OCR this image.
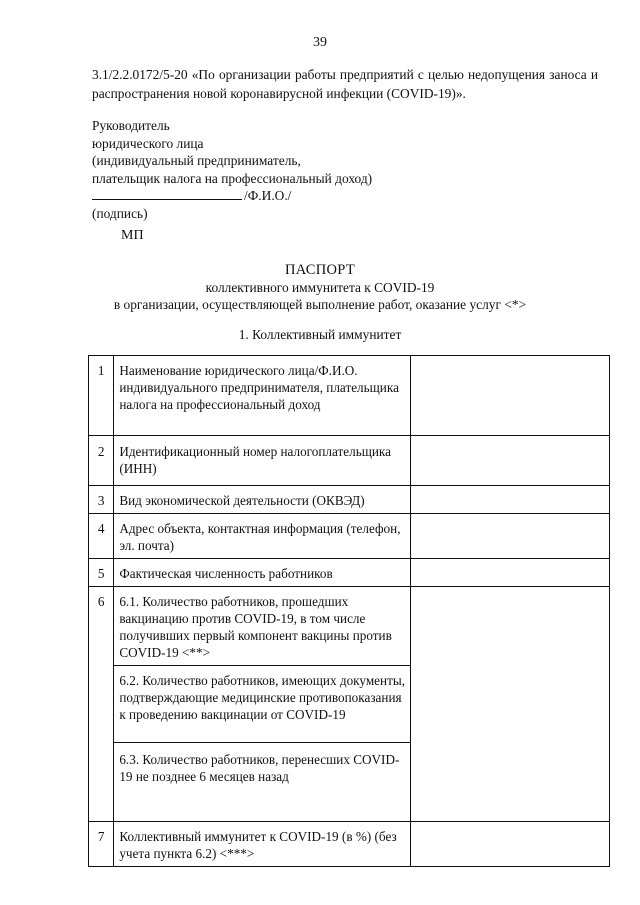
39
3.1/2.2.0172/5-20 «По организации работы предприятий с целью недопущения заноса и распространения новой коронавирусной инфекции (COVID-19)».
Руководитель
юридического лица
(индивидуальный предприниматель,
плательщик налога на профессиональный доход)
/Ф.И.О./
(подпись)
МП
ПАСПОРТ
коллективного иммунитета к COVID-19
в организации, осуществляющей выполнение работ, оказание услуг <*>
1. Коллективный иммунитет
1	Наименование юридического лица/Ф.И.О. индивидуального предпринимателя, плательщика налога на профессиональный доход	
2	Идентификационный номер налогоплательщика (ИНН)	
3	Вид экономической деятельности (ОКВЭД)	
4	Адрес объекта, контактная информация (телефон, эл. почта)	
5	Фактическая численность работников	
6	6.1. Количество работников, прошедших вакцинацию против COVID-19, в том числе получивших первый компонент вакцины против COVID-19 <**>	
	6.2. Количество работников, имеющих документы, подтверждающие медицинские противопоказания к проведению вакцинации от COVID-19	
	6.3. Количество работников, перенесших COVID-19 не позднее 6 месяцев назад	
7	Коллективный иммунитет к COVID-19 (в %) (без учета пункта 6.2) <***>	
